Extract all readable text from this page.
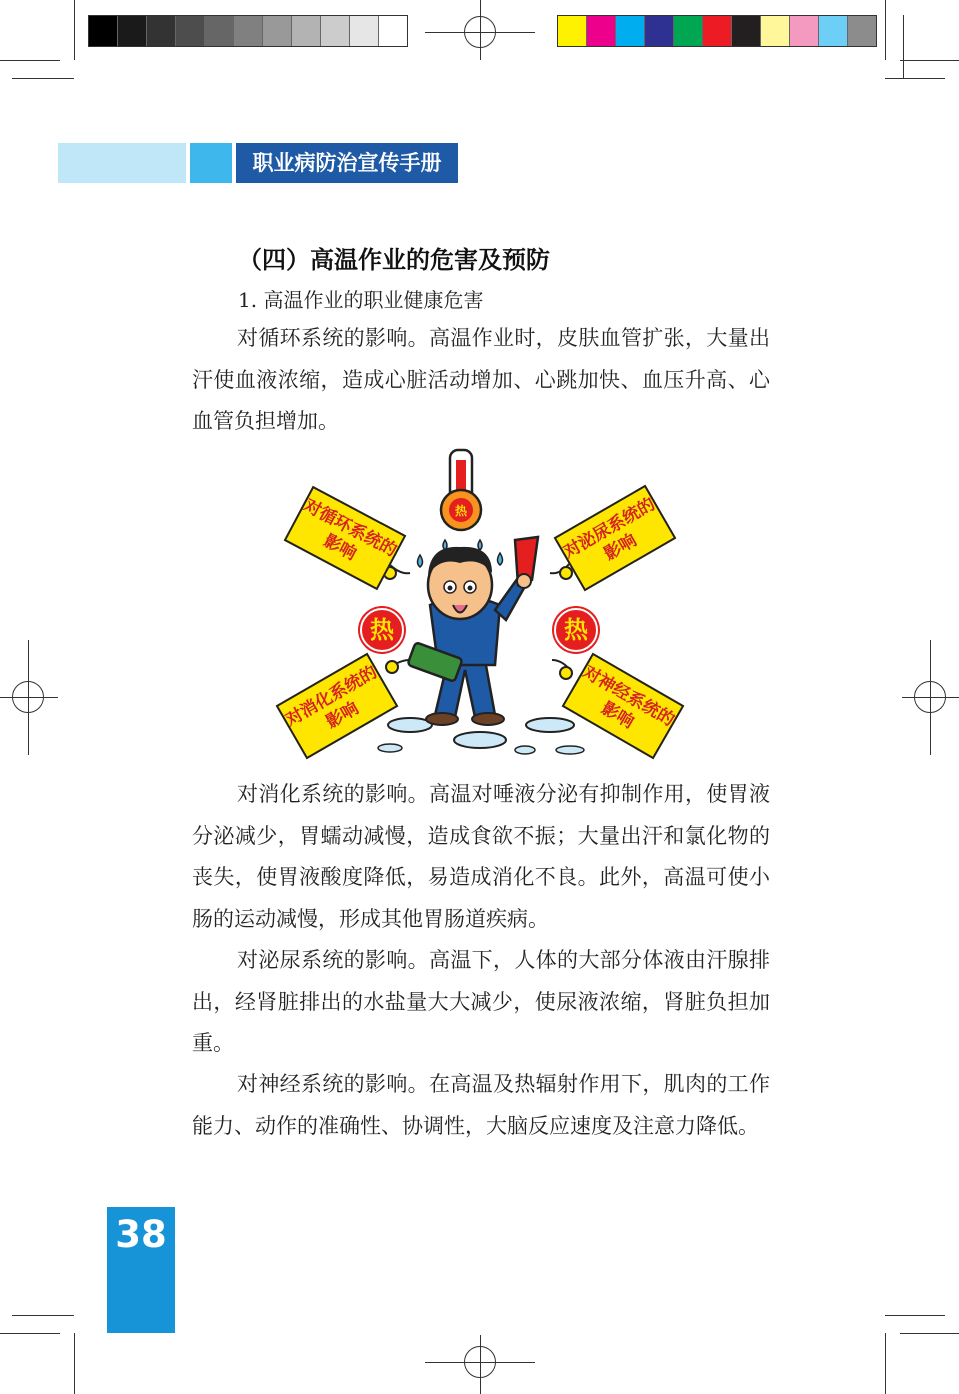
职业病防治宣传手册
（四）高温作业的危害及预防
1. 高温作业的职业健康危害
对循环系统的影响。高温作业时，皮肤血管扩张，大量出汗使血液浓缩，造成心脏活动增加、心跳加快、血压升高、心血管负担增加。
热
热	热
对循环系统的影响	对泌尿系统的影响
对消化系统的影响	对神经系统的影响
对消化系统的影响。高温对唾液分泌有抑制作用，使胃液分泌减少，胃蠕动减慢，造成食欲不振；大量出汗和氯化物的丧失，使胃液酸度降低，易造成消化不良。此外，高温可使小肠的运动减慢，形成其他胃肠道疾病。
对泌尿系统的影响。高温下，人体的大部分体液由汗腺排出，经肾脏排出的水盐量大大减少，使尿液浓缩，肾脏负担加重。
对神经系统的影响。在高温及热辐射作用下，肌肉的工作能力、动作的准确性、协调性，大脑反应速度及注意力降低。
38
